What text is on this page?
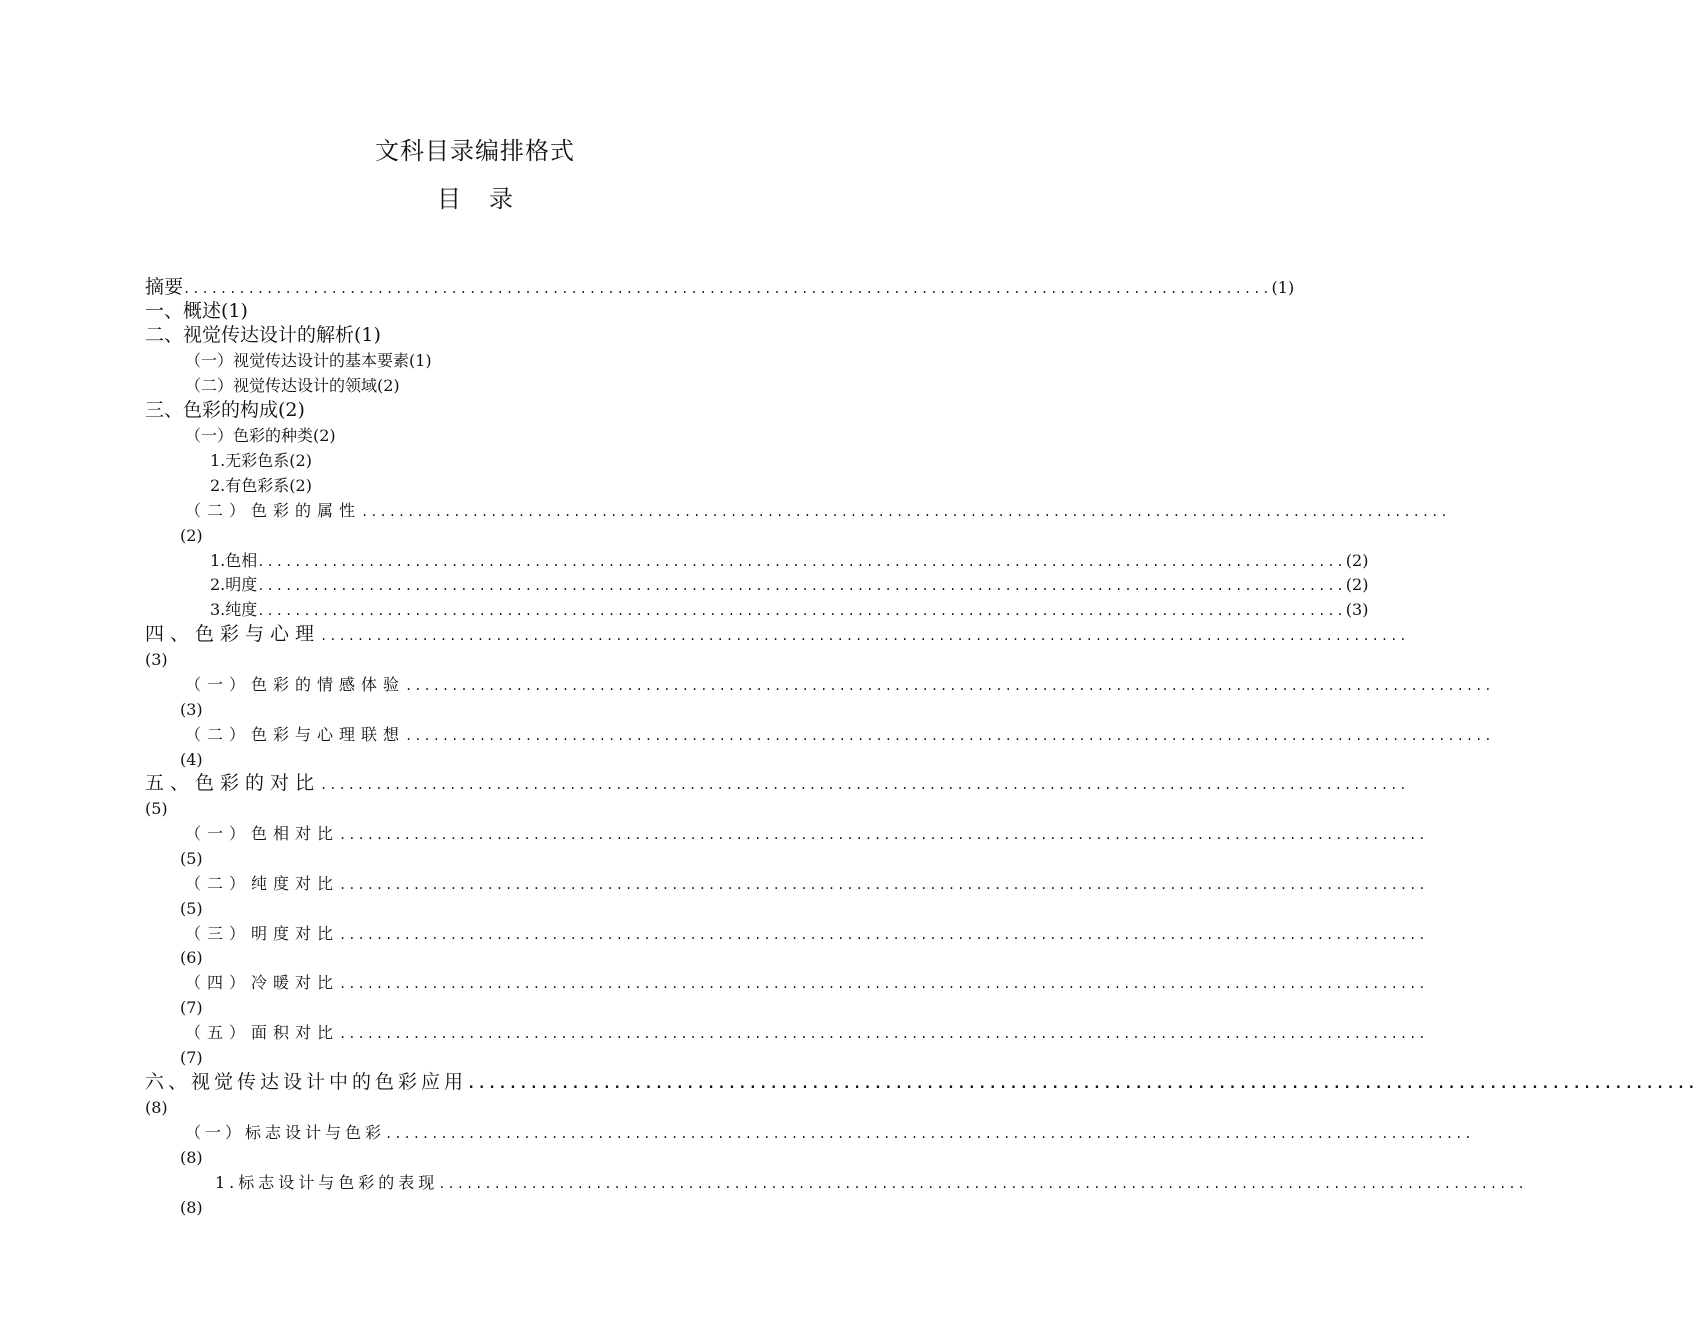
文科目录编排格式
目 录
摘要 ...................................................................................................................... (1)
一、概述(1)
二、视觉传达设计的解析(1)
（一）视觉传达设计的基本要素(1)
（二）视觉传达设计的领域(2)
三、色彩的构成(2)
（一）色彩的种类(2)
1.无彩色系(2)
2.有色彩系(2)
（二）色彩的属性 ......................................................................................................................
(2)
1.色相 ...................................................................................................................... (2)
2.明度 ...................................................................................................................... (2)
3.纯度 ...................................................................................................................... (3)
四、色彩与心理 ......................................................................................................................
(3)
（一）色彩的情感体验 ......................................................................................................................
(3)
（二）色彩与心理联想 ......................................................................................................................
(4)
五、色彩的对比 ......................................................................................................................
(5)
（一）色相对比 ......................................................................................................................
(5)
（二）纯度对比 ......................................................................................................................
(5)
（三）明度对比 ......................................................................................................................
(6)
（四）冷暖对比 ......................................................................................................................
(7)
（五）面积对比 ......................................................................................................................
(7)
六、视觉传达设计中的色彩应用 ......................................................................................................................
(8)
（一）标志设计与色彩 ......................................................................................................................
(8)
1.标志设计与色彩的表现 ......................................................................................................................
(8)
